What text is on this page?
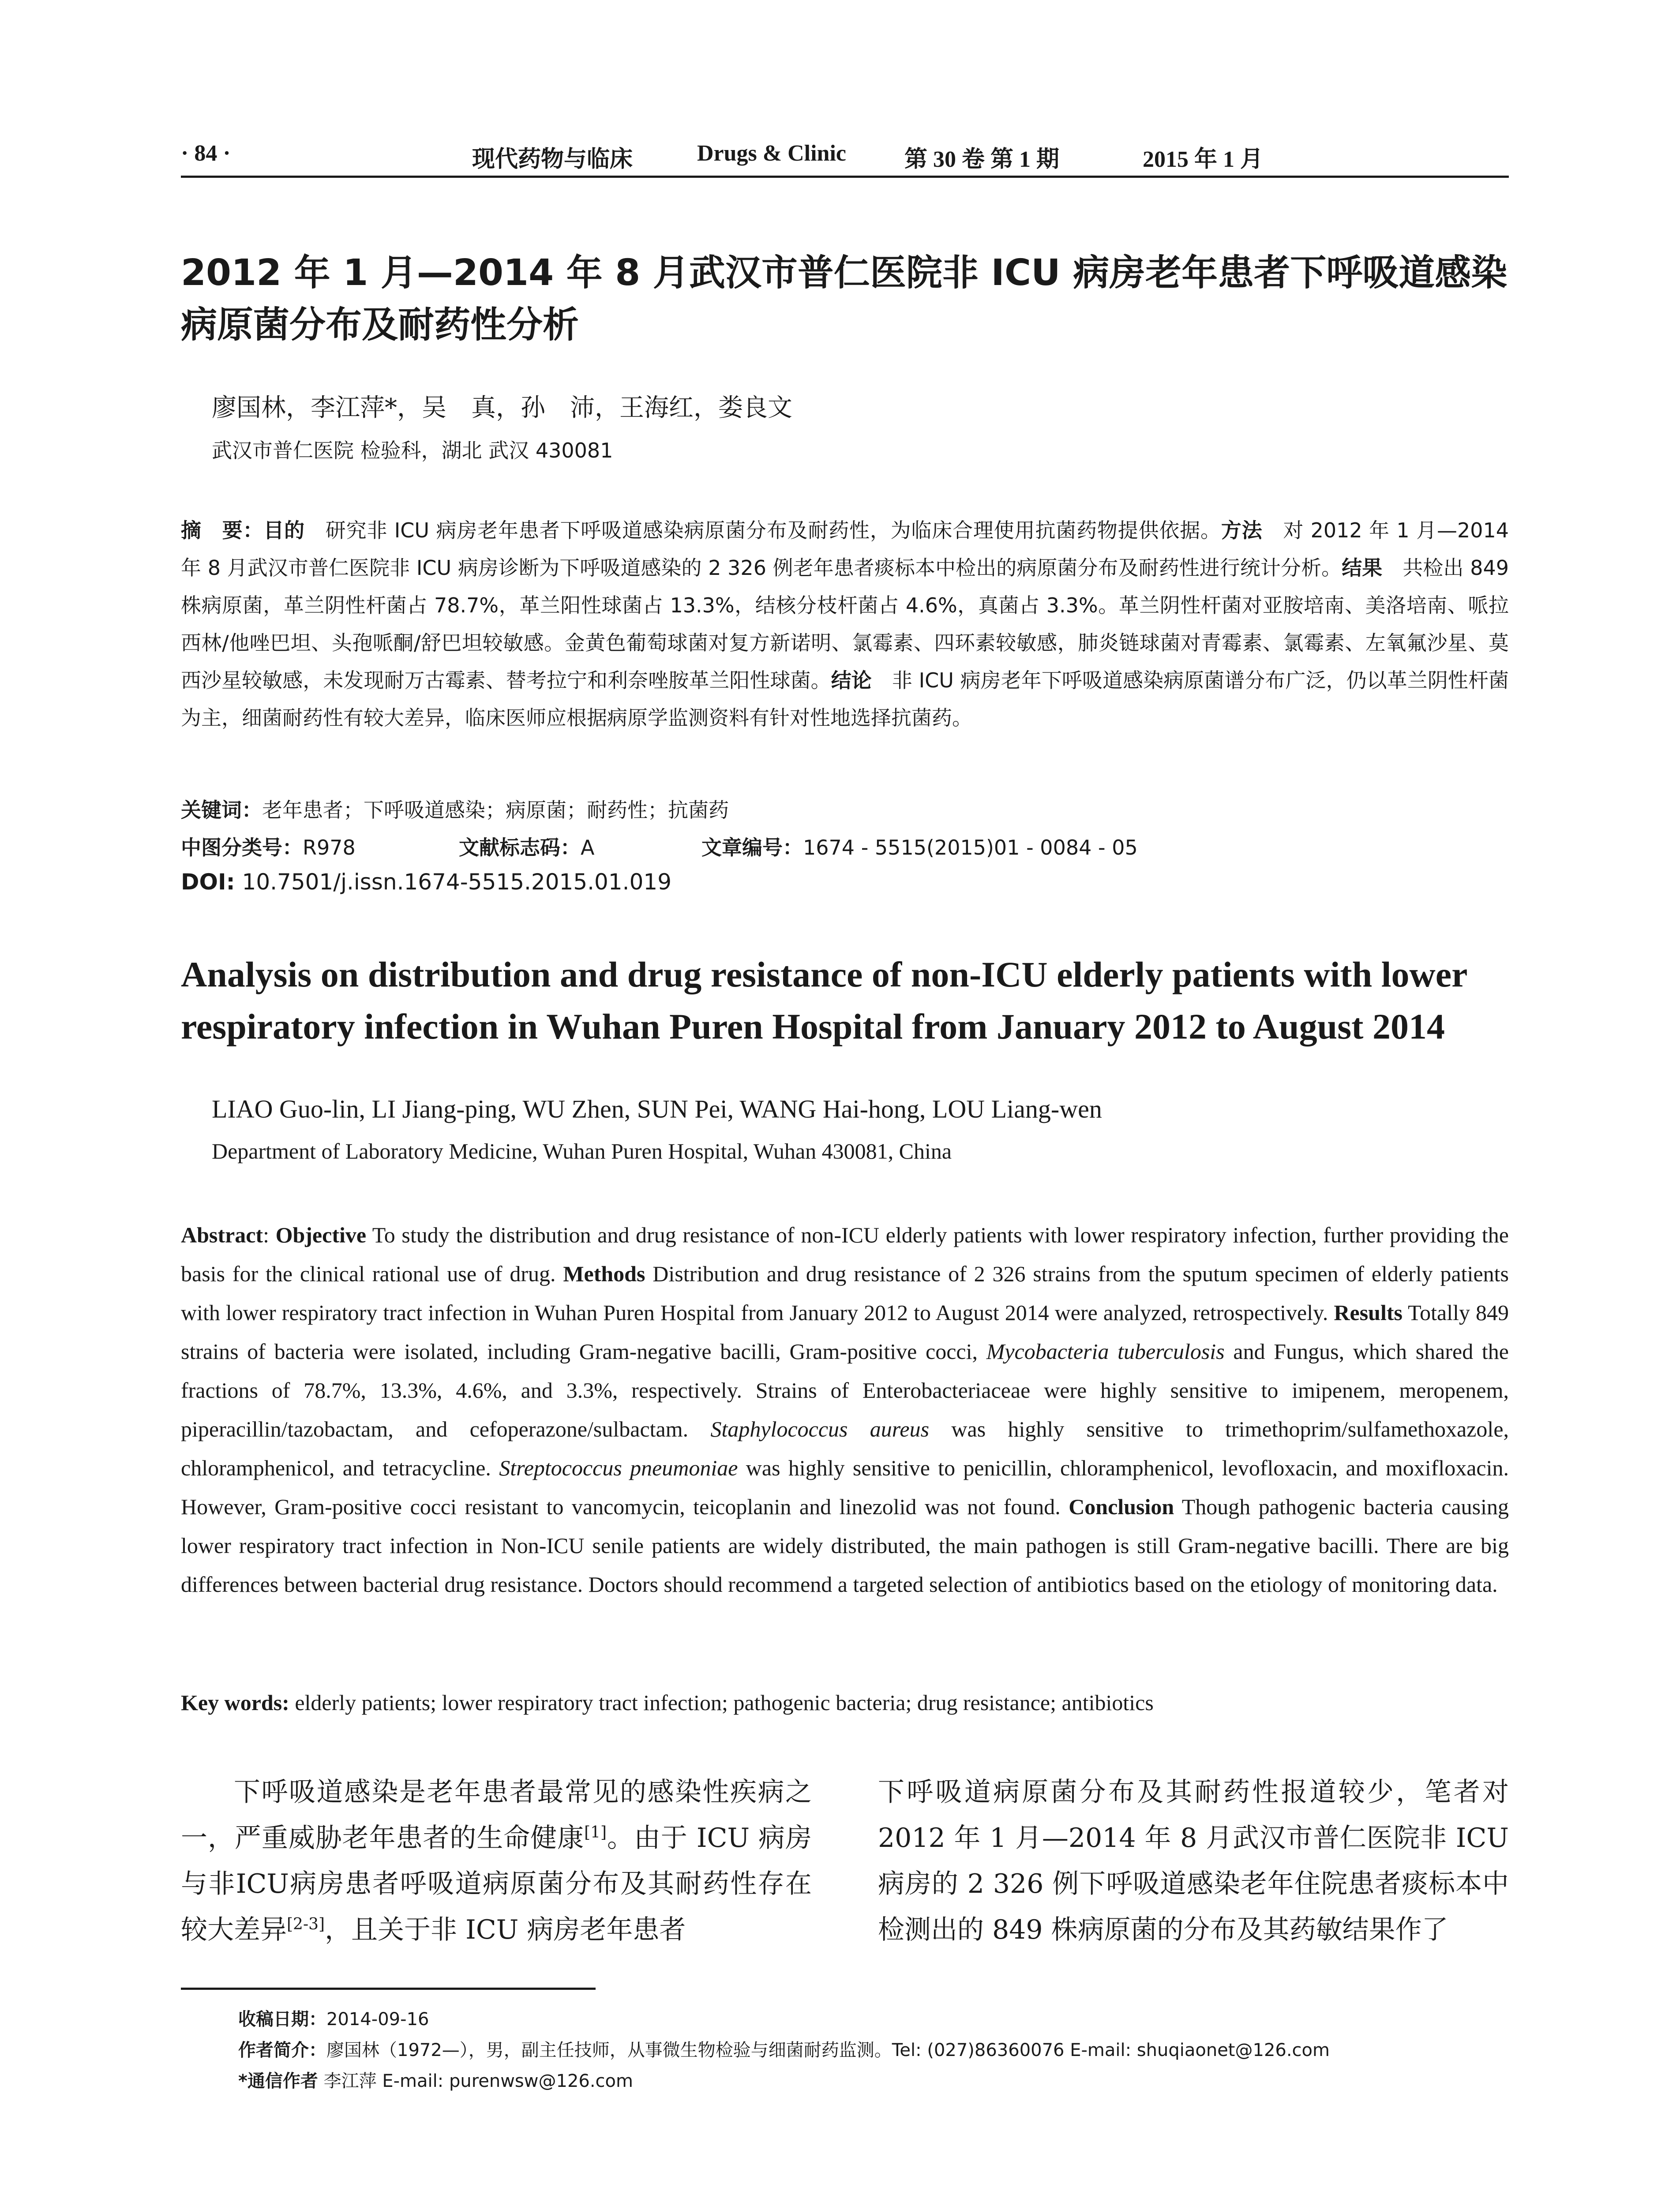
· 84 ·	现代药物与临床	Drugs & Clinic	第 30 卷 第 1 期	2015 年 1 月
2012 年 1 月—2014 年 8 月武汉市普仁医院非 ICU 病房老年患者下呼吸道感染病原菌分布及耐药性分析
廖国林，李江萍*，吴　真，孙　沛，王海红，娄良文
武汉市普仁医院 检验科，湖北 武汉 430081

摘　要：目的　研究非 ICU 病房老年患者下呼吸道感染病原菌分布及耐药性，为临床合理使用抗菌药物提供依据。方法　对 2012 年 1 月—2014 年 8 月武汉市普仁医院非 ICU 病房诊断为下呼吸道感染的 2 326 例老年患者痰标本中检出的病原菌分布及耐药性进行统计分析。结果　共检出 849 株病原菌，革兰阴性杆菌占 78.7%，革兰阳性球菌占 13.3%，结核分枝杆菌占 4.6%，真菌占 3.3%。革兰阴性杆菌对亚胺培南、美洛培南、哌拉西林/他唑巴坦、头孢哌酮/舒巴坦较敏感。金黄色葡萄球菌对复方新诺明、氯霉素、四环素较敏感，肺炎链球菌对青霉素、氯霉素、左氧氟沙星、莫西沙星较敏感，未发现耐万古霉素、替考拉宁和利奈唑胺革兰阳性球菌。结论　非 ICU 病房老年下呼吸道感染病原菌谱分布广泛，仍以革兰阴性杆菌为主，细菌耐药性有较大差异，临床医师应根据病原学监测资料有针对性地选择抗菌药。

关键词：老年患者；下呼吸道感染；病原菌；耐药性；抗菌药
中图分类号：R978	文献标志码：A	文章编号：1674 - 5515(2015)01 - 0084 - 05
DOI: 10.7501/j.issn.1674-5515.2015.01.019
Analysis on distribution and drug resistance of non-ICU elderly patients with lower respiratory infection in Wuhan Puren Hospital from January 2012 to August 2014
LIAO Guo-lin, LI Jiang-ping, WU Zhen, SUN Pei, WANG Hai-hong, LOU Liang-wen
Department of Laboratory Medicine, Wuhan Puren Hospital, Wuhan 430081, China

Abstract: Objective To study the distribution and drug resistance of non-ICU elderly patients with lower respiratory infection, further providing the basis for the clinical rational use of drug. Methods Distribution and drug resistance of 2 326 strains from the sputum specimen of elderly patients with lower respiratory tract infection in Wuhan Puren Hospital from January 2012 to August 2014 were analyzed, retrospectively. Results Totally 849 strains of bacteria were isolated, including Gram-negative bacilli, Gram-positive cocci, Mycobacteria tuberculosis and Fungus, which shared the fractions of 78.7%, 13.3%, 4.6%, and 3.3%, respectively. Strains of Enterobacteriaceae were highly sensitive to imipenem, meropenem, piperacillin/tazobactam, and cefoperazone/sulbactam. Staphylococcus aureus was highly sensitive to trimethoprim/sulfamethoxazole, chloramphenicol, and tetracycline. Streptococcus pneumoniae was highly sensitive to penicillin, chloramphenicol, levofloxacin, and moxifloxacin. However, Gram-positive cocci resistant to vancomycin, teicoplanin and linezolid was not found. Conclusion Though pathogenic bacteria causing lower respiratory tract infection in Non-ICU senile patients are widely distributed, the main pathogen is still Gram-negative bacilli. There are big differences between bacterial drug resistance. Doctors should recommend a targeted selection of antibiotics based on the etiology of monitoring data.

Key words: elderly patients; lower respiratory tract infection; pathogenic bacteria; drug resistance; antibiotics

下呼吸道感染是老年患者最常见的感染性疾病之一，严重威胁老年患者的生命健康[1]。由于 ICU 病房与非ICU病房患者呼吸道病原菌分布及其耐药性存在较大差异[2-3]，且关于非 ICU 病房老年患者

下呼吸道病原菌分布及其耐药性报道较少，笔者对 2012 年 1 月—2014 年 8 月武汉市普仁医院非 ICU 病房的 2 326 例下呼吸道感染老年住院患者痰标本中检测出的 849 株病原菌的分布及其药敏结果作了

收稿日期：2014-09-16
作者简介：廖国林（1972—），男，副主任技师，从事微生物检验与细菌耐药监测。Tel: (027)86360076 E-mail: shuqiaonet@126.com
*通信作者 李江萍 E-mail: purenwsw@126.com
